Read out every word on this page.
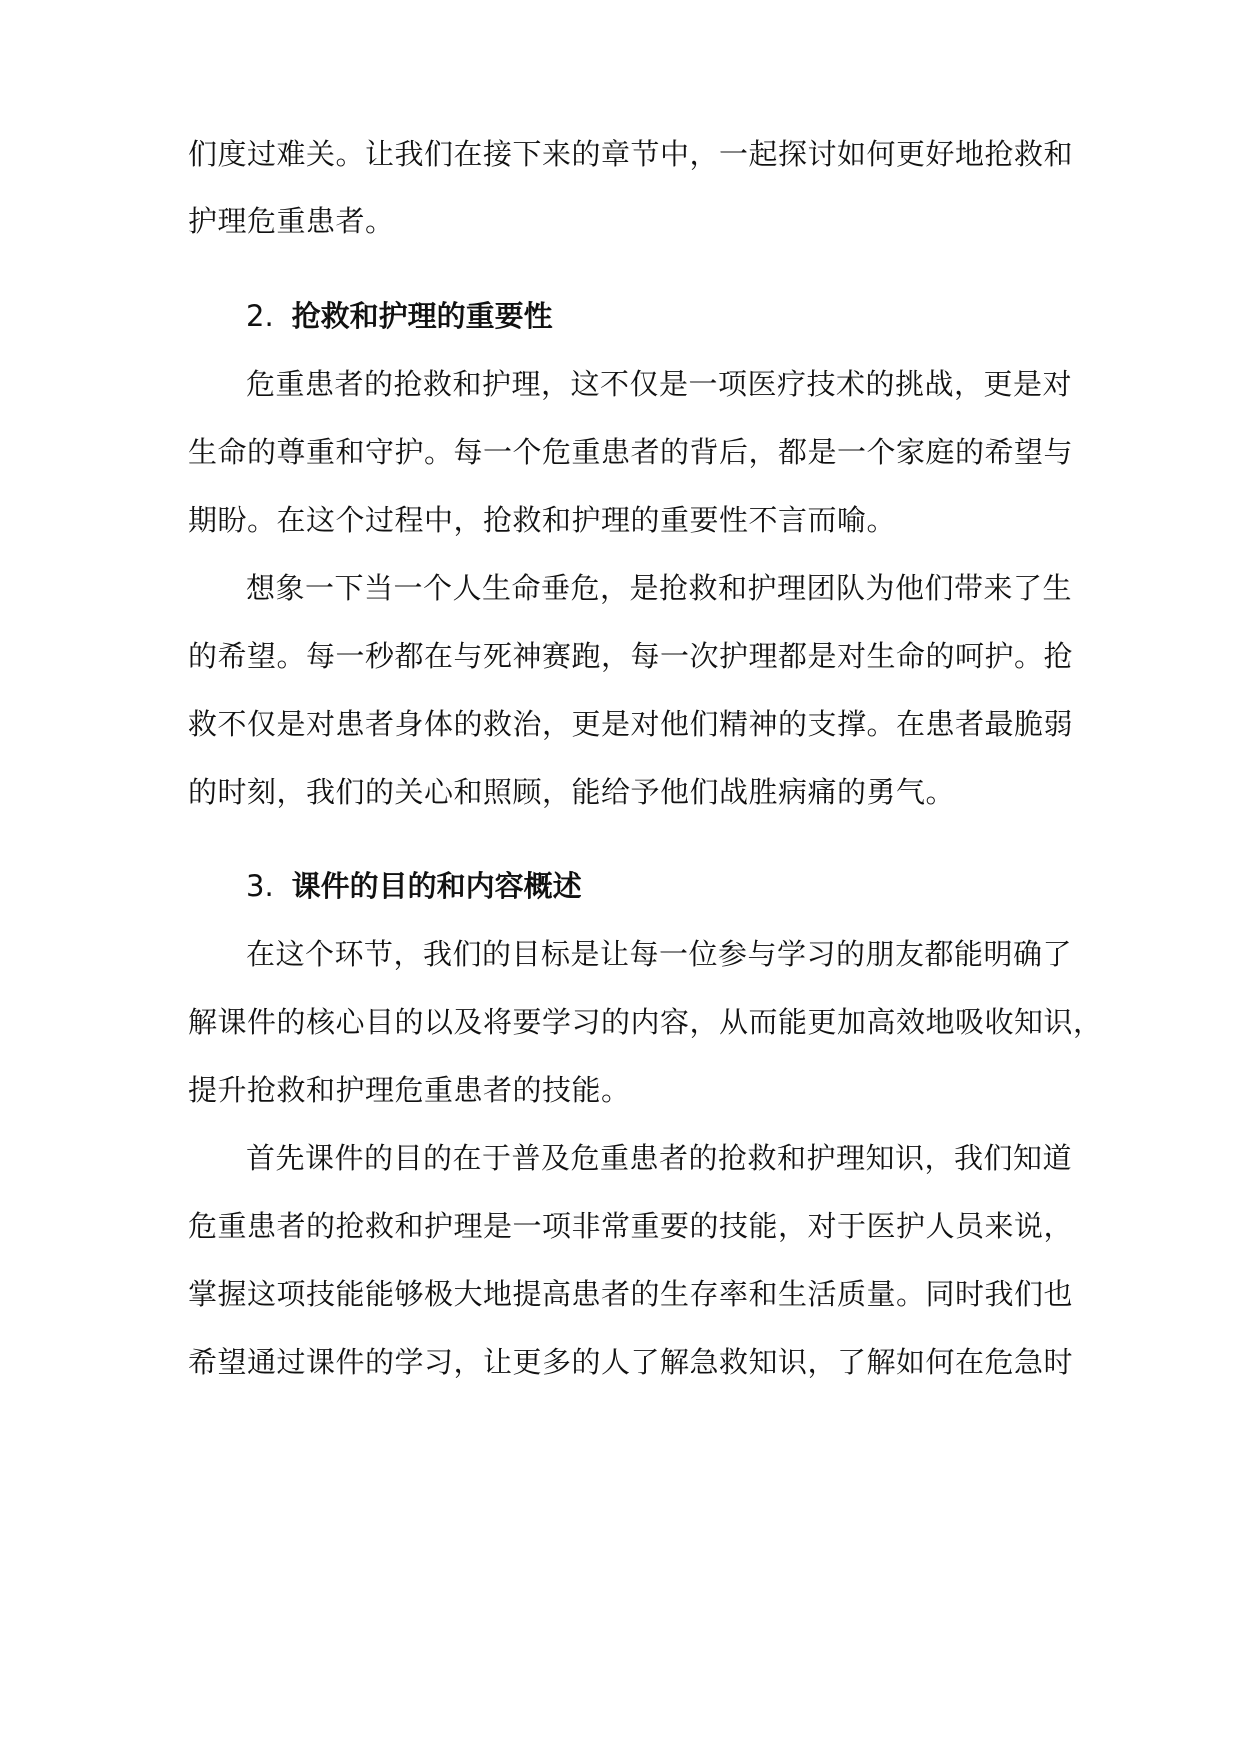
们度过难关。让我们在接下来的章节中，一起探讨如何更好地抢救和
护理危重患者。
2. 抢救和护理的重要性
危重患者的抢救和护理，这不仅是一项医疗技术的挑战，更是对
生命的尊重和守护。每一个危重患者的背后，都是一个家庭的希望与
期盼。在这个过程中，抢救和护理的重要性不言而喻。
想象一下当一个人生命垂危，是抢救和护理团队为他们带来了生
的希望。每一秒都在与死神赛跑，每一次护理都是对生命的呵护。抢
救不仅是对患者身体的救治，更是对他们精神的支撑。在患者最脆弱
的时刻，我们的关心和照顾，能给予他们战胜病痛的勇气。
3. 课件的目的和内容概述
在这个环节，我们的目标是让每一位参与学习的朋友都能明确了
解课件的核心目的以及将要学习的内容，从而能更加高效地吸收知识，
提升抢救和护理危重患者的技能。
首先课件的目的在于普及危重患者的抢救和护理知识，我们知道
危重患者的抢救和护理是一项非常重要的技能，对于医护人员来说，
掌握这项技能能够极大地提高患者的生存率和生活质量。同时我们也
希望通过课件的学习，让更多的人了解急救知识，了解如何在危急时
